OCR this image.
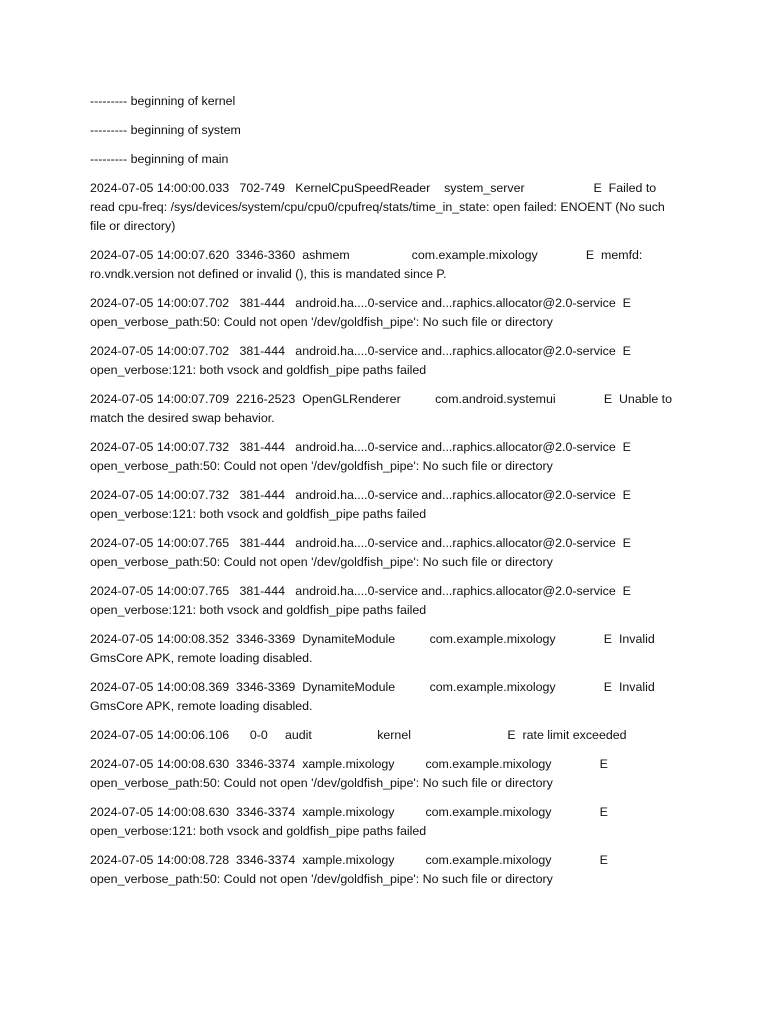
--------- beginning of kernel
--------- beginning of system
--------- beginning of main
2024-07-05 14:00:00.033   702-749   KernelCpuSpeedReader    system_server                    E  Failed to read cpu-freq: /sys/devices/system/cpu/cpu0/cpufreq/stats/time_in_state: open failed: ENOENT (No such file or directory)
2024-07-05 14:00:07.620  3346-3360  ashmem                  com.example.mixology              E  memfd: ro.vndk.version not defined or invalid (), this is mandated since P.
2024-07-05 14:00:07.702   381-444   android.ha....0-service and...raphics.allocator@2.0-service  E  open_verbose_path:50: Could not open '/dev/goldfish_pipe': No such file or directory
2024-07-05 14:00:07.702   381-444   android.ha....0-service and...raphics.allocator@2.0-service  E  open_verbose:121: both vsock and goldfish_pipe paths failed
2024-07-05 14:00:07.709  2216-2523  OpenGLRenderer          com.android.systemui              E  Unable to match the desired swap behavior.
2024-07-05 14:00:07.732   381-444   android.ha....0-service and...raphics.allocator@2.0-service  E  open_verbose_path:50: Could not open '/dev/goldfish_pipe': No such file or directory
2024-07-05 14:00:07.732   381-444   android.ha....0-service and...raphics.allocator@2.0-service  E  open_verbose:121: both vsock and goldfish_pipe paths failed
2024-07-05 14:00:07.765   381-444   android.ha....0-service and...raphics.allocator@2.0-service  E  open_verbose_path:50: Could not open '/dev/goldfish_pipe': No such file or directory
2024-07-05 14:00:07.765   381-444   android.ha....0-service and...raphics.allocator@2.0-service  E  open_verbose:121: both vsock and goldfish_pipe paths failed
2024-07-05 14:00:08.352  3346-3369  DynamiteModule          com.example.mixology              E  Invalid GmsCore APK, remote loading disabled.
2024-07-05 14:00:08.369  3346-3369  DynamiteModule          com.example.mixology              E  Invalid GmsCore APK, remote loading disabled.
2024-07-05 14:00:06.106      0-0     audit                   kernel                            E  rate limit exceeded
2024-07-05 14:00:08.630  3346-3374  xample.mixology         com.example.mixology              E  open_verbose_path:50: Could not open '/dev/goldfish_pipe': No such file or directory
2024-07-05 14:00:08.630  3346-3374  xample.mixology         com.example.mixology              E  open_verbose:121: both vsock and goldfish_pipe paths failed
2024-07-05 14:00:08.728  3346-3374  xample.mixology         com.example.mixology              E  open_verbose_path:50: Could not open '/dev/goldfish_pipe': No such file or directory
